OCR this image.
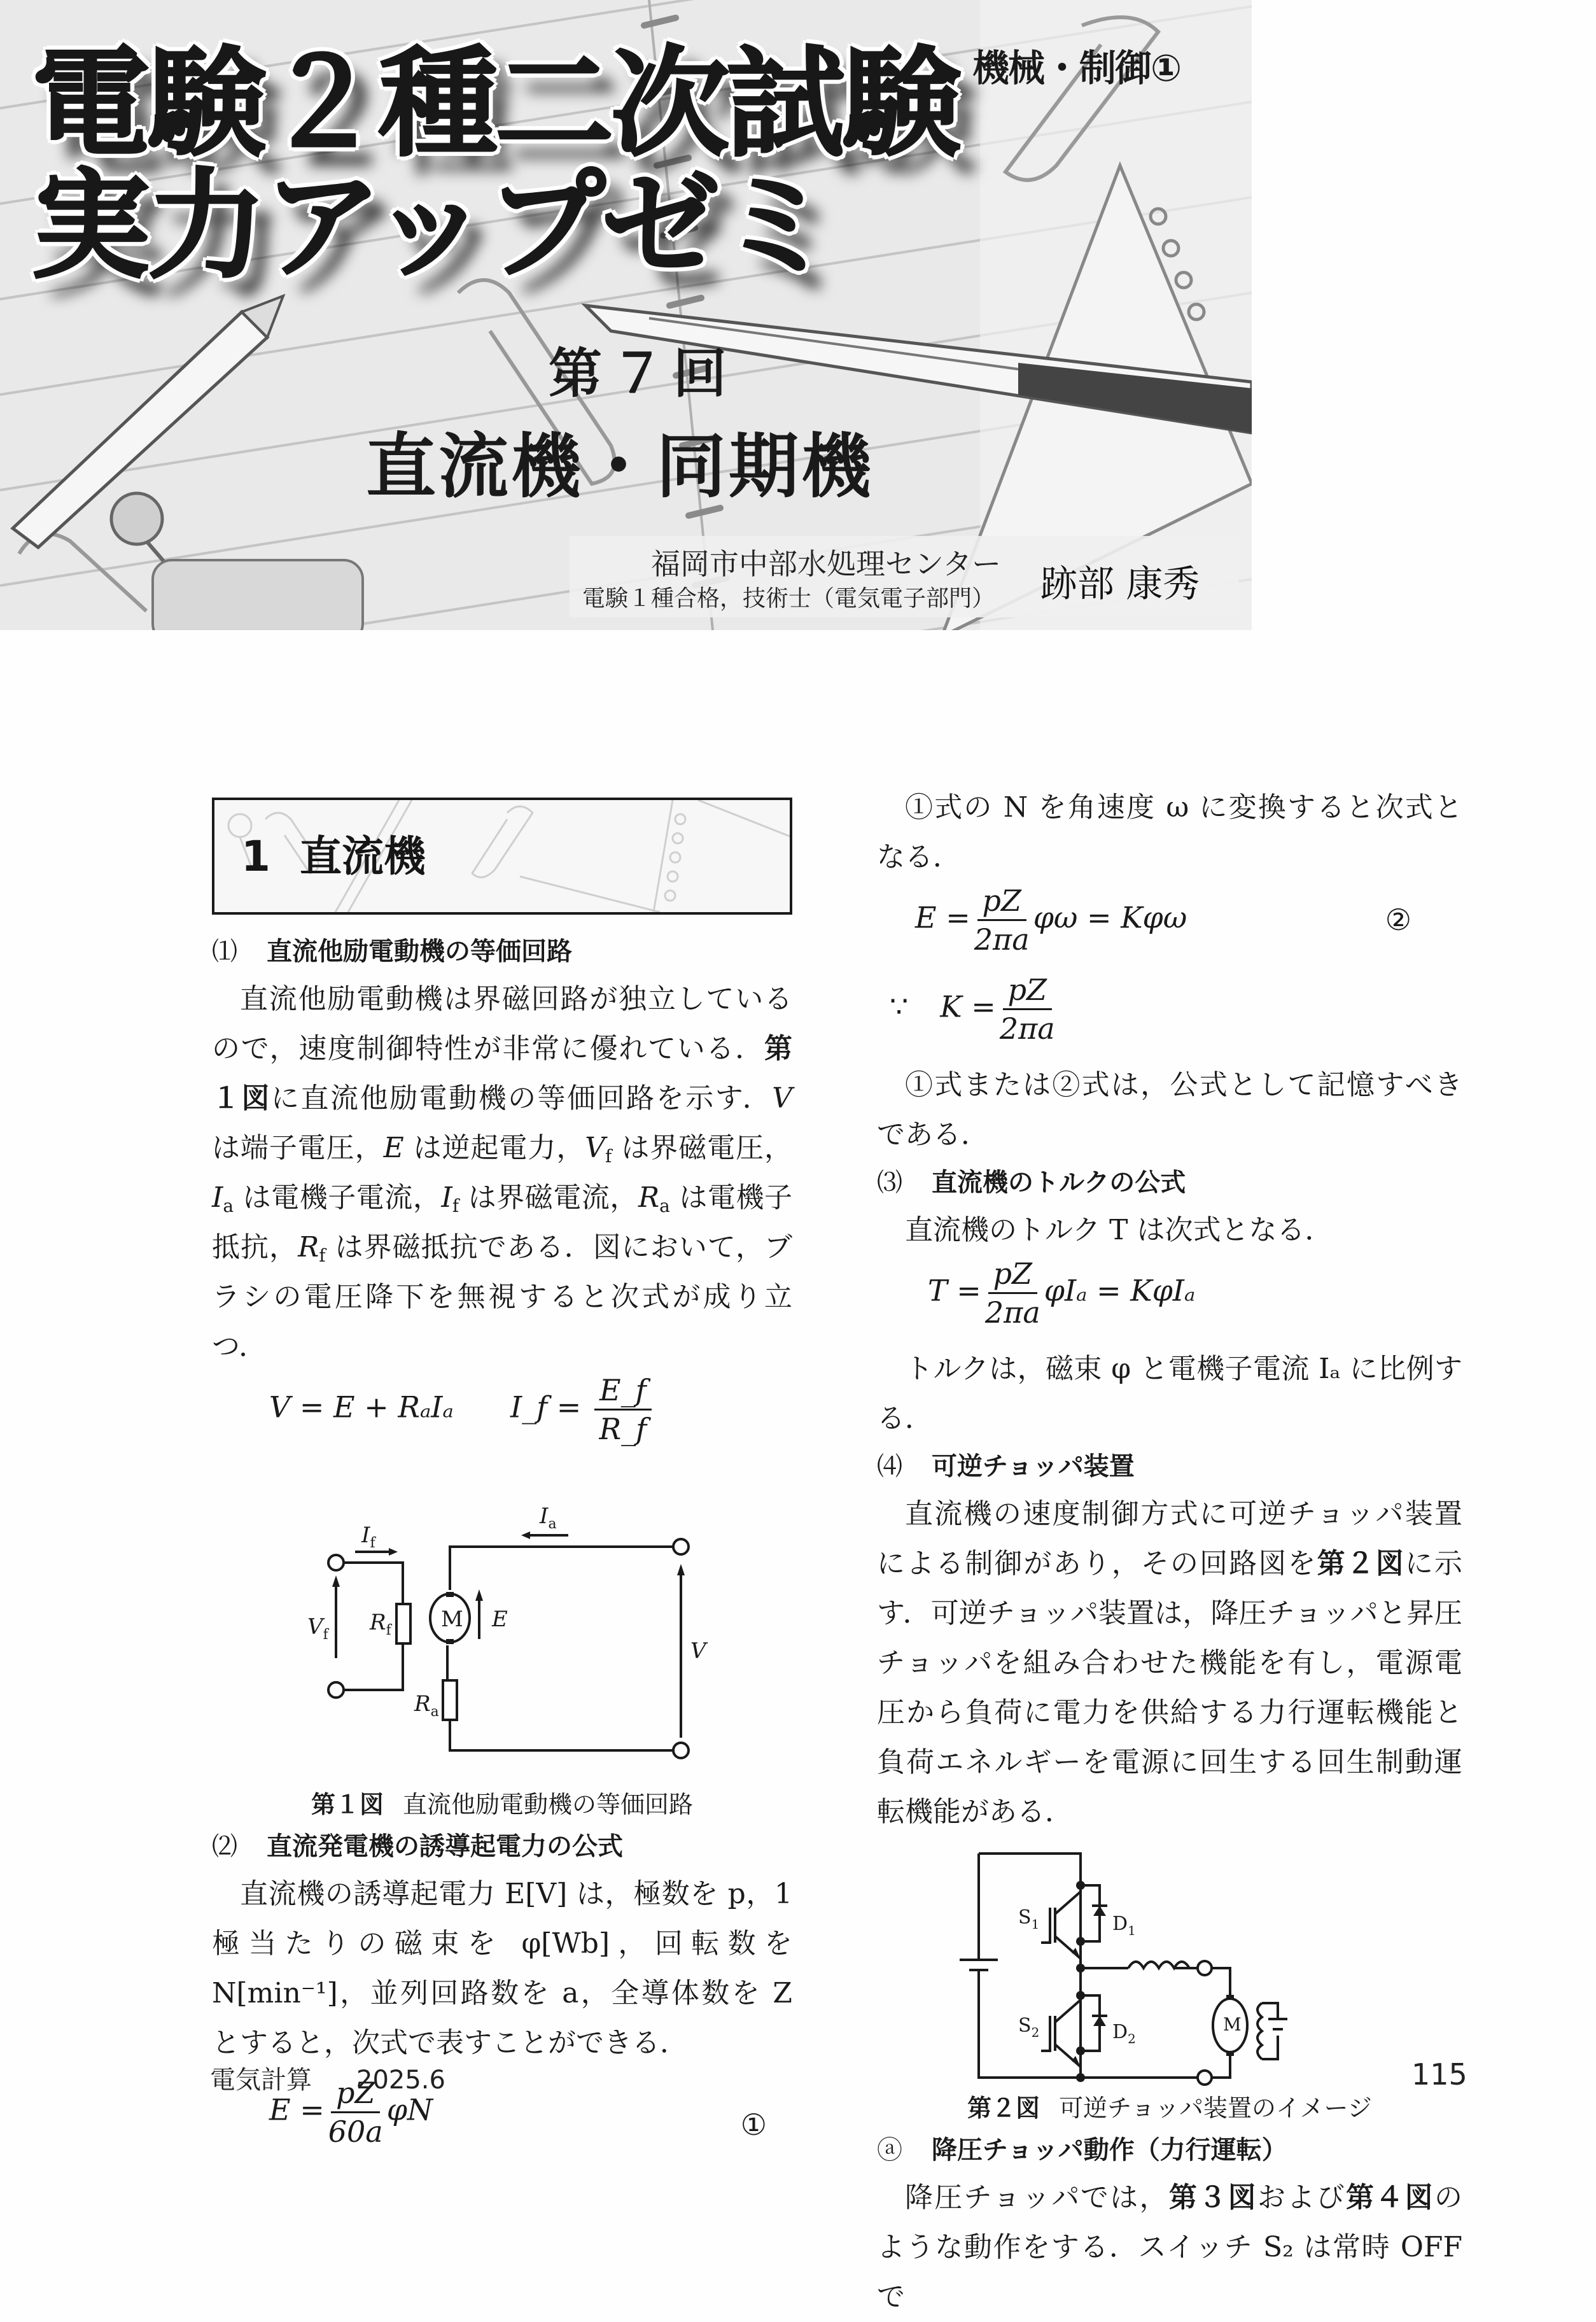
電験２種二次試験
実力アップゼミ
機械・制御①
第７回
直流機・同期機
福岡市中部水処理センター
電験１種合格，技術士（電気電子部門） 跡部 康秀
1 直流機
⑴ 直流他励電動機の等価回路

直流他励電動機は界磁回路が独立しているので，速度制御特性が非常に優れている．第１図に直流他励電動機の等価回路を示す．V は端子電圧，E は逆起電力，$V_f$ は界磁電圧，$I_a$ は電機子電流，$I_f$ は界磁電流，$R_a$ は電機子抵抗，$R_f$ は界磁抵抗である．図において，ブラシの電圧降下を無視すると次式が成り立つ．

V = E + RₐIₐ I_f = $\frac{E\_f}{R\_f}$
$I_f$
$I_a$
$V_f$ $R_f$
$R_a$
E
V
M
第１図 直流他励電動機の等価回路
⑵ 直流発電機の誘導起電力の公式

直流機の誘導起電力 E[V] は，極数を p，1 極当たりの磁束を φ[Wb]，回転数を N[min⁻¹]，並列回路数を a，全導体数を Z とすると，次式で表すことができる．

$E = \frac{pZ}{60a}$ φN	①

①式の N を角速度 ω に変換すると次式となる．

$E = \frac{pZ}{2\pi a}$ φω = Kφω	②
∵ $K = \frac{pZ}{2\pi a}$

①式または②式は，公式として記憶すべきである．

⑶ 直流機のトルクの公式

直流機のトルク T は次式となる．

$T = \frac{pZ}{2\pi a}$ φIₐ = KφIₐ

トルクは，磁束 φ と電機子電流 Iₐ に比例する．

⑷ 可逆チョッパ装置

直流機の速度制御方式に可逆チョッパ装置による制御があり，その回路図を第２図に示す．可逆チョッパ装置は，降圧チョッパと昇圧チョッパを組み合わせた機能を有し，電源電圧から負荷に電力を供給する力行運転機能と負荷エネルギーを電源に回生する回生制動運転機能がある．

$S_1$	$D_1$
$S_2$	$D_2$
M
第２図 可逆チョッパ装置のイメージ
ⓐ 降圧チョッパ動作（力行運転）

降圧チョッパでは，第３図および第４図のような動作をする．スイッチ S₂ は常時 OFF で

電気計算 2025.6	115
